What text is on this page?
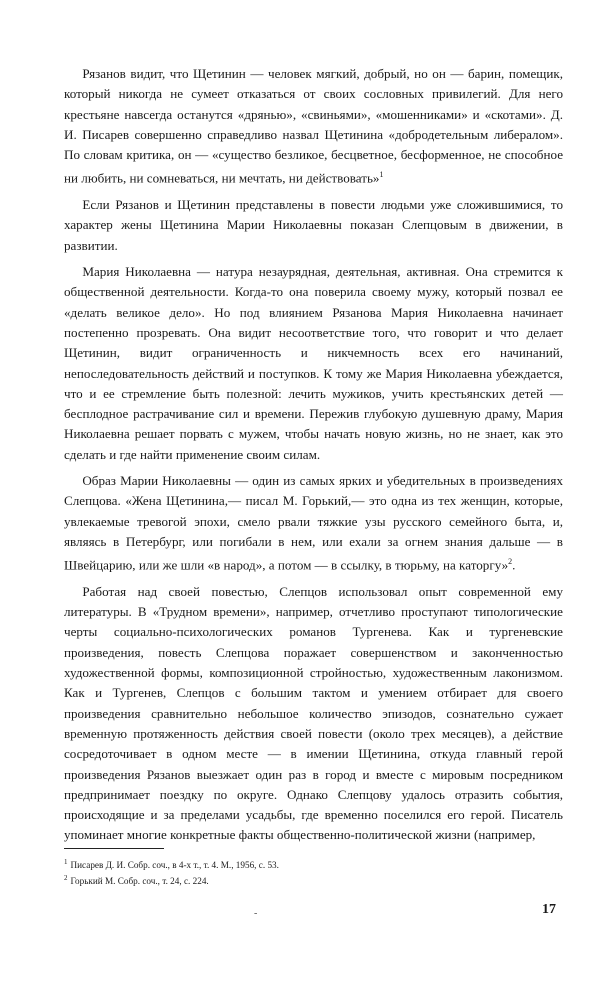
Рязанов видит, что Щетинин — человек мягкий, добрый, но он — барин, помещик, который никогда не сумеет отказаться от своих сословных привилегий. Для него крестьяне навсегда останутся «дрянью», «свиньями», «мошенниками» и «скотами». Д. И. Писарев совершенно справедливо назвал Щетинина «добродетельным либералом». По словам критика, он — «существо безликое, бесцветное, бесформенное, не способное ни любить, ни сомневаться, ни мечтать, ни действовать»$^1$

Если Рязанов и Щетинин представлены в повести людьми уже сложившимися, то характер жены Щетинина Марии Николаевны показан Слепцовым в движении, в развитии.

Мария Николаевна — натура незаурядная, деятельная, активная. Она стремится к общественной деятельности. Когда-то она поверила своему мужу, который позвал ее «делать великое дело». Но под влиянием Рязанова Мария Николаевна начинает постепенно прозревать. Она видит несоответствие того, что говорит и что делает Щетинин, видит ограниченность и никчемность всех его начинаний, непоследовательность действий и поступков. К тому же Мария Николаевна убеждается, что и ее стремление быть полезной: лечить мужиков, учить крестьянских детей — бесплодное растрачивание сил и времени. Пережив глубокую душевную драму, Мария Николаевна решает порвать с мужем, чтобы начать новую жизнь, но не знает, как это сделать и где найти применение своим силам.

Образ Марии Николаевны — один из самых ярких и убедительных в произведениях Слепцова. «Жена Щетинина,— писал М. Горький,— это одна из тех женщин, которые, увлекаемые тревогой эпохи, смело рвали тяжкие узы русского семейного быта, и, являясь в Петербург, или погибали в нем, или ехали за огнем знания дальше — в Швейцарию, или же шли «в народ», а потом — в ссылку, в тюрьму, на каторгу»$^2$.

Работая над своей повестью, Слепцов использовал опыт современной ему литературы. В «Трудном времени», например, отчетливо проступают типологические черты социально-психологических романов Тургенева. Как и тургеневские произведения, повесть Слепцова поражает совершенством и законченностью художественной формы, композиционной стройностью, художественным лаконизмом. Как и Тургенев, Слепцов с большим тактом и умением отбирает для своего произведения сравнительно небольшое количество эпизодов, сознательно сужает временную протяженность действия своей повести (около трех месяцев), а действие сосредоточивает в одном месте — в имении Щетинина, откуда главный герой произведения Рязанов выезжает один раз в город и вместе с мировым посредником предпринимает поездку по округе. Однако Слепцову удалось отразить события, происходящие и за пределами усадьбы, где временно поселился его герой. Писатель упоминает многие конкретные факты общественно-политической жизни (например,

$^1$ Писарев Д. И. Собр. соч., в 4-х т., т. 4. М., 1956, с. 53.

$^2$ Горький М. Собр. соч., т. 24, с. 224.

-	17
